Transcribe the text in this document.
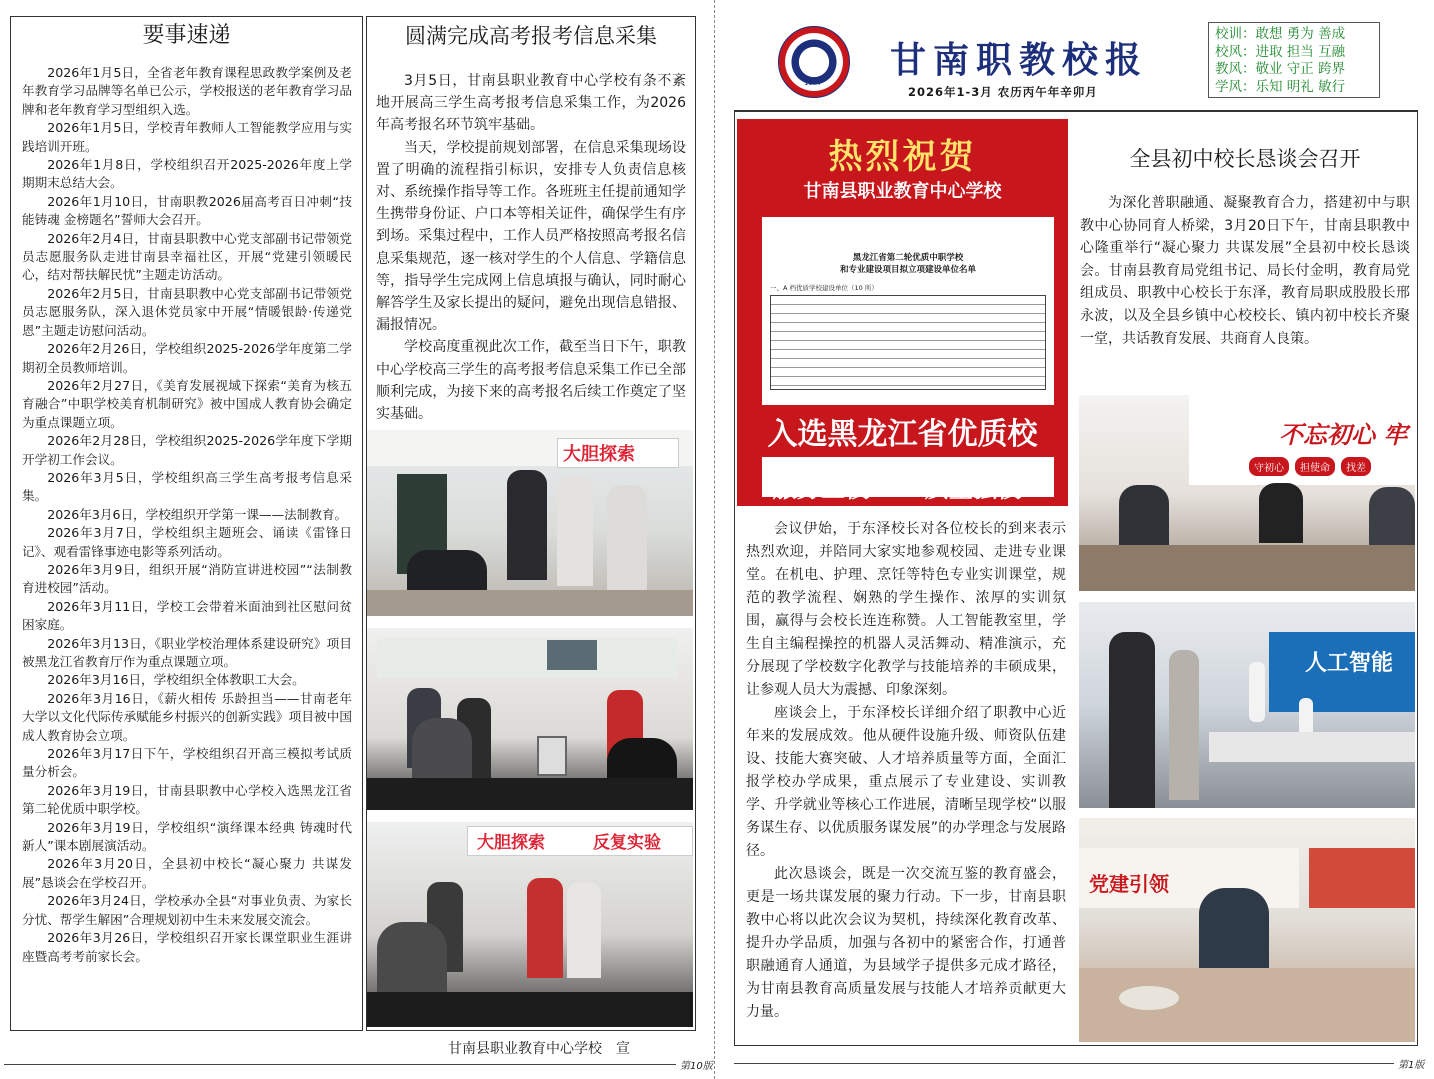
要事速递

2026年1月5日，全省老年教育课程思政教学案例及老年教育学习品牌等名单已公示，学校报送的老年教育学习品牌和老年教育学习型组织入选。

2026年1月5日，学校青年教师人工智能教学应用与实践培训开班。

2026年1月8日，学校组织召开2025-2026年度上学期期末总结大会。

2026年1月10日，甘南职教2026届高考百日冲刺“技能铸魂 金榜题名”誓师大会召开。

2026年2月4日，甘南县职教中心党支部副书记带领党员志愿服务队走进甘南县幸福社区，开展“党建引领暖民心，结对帮扶解民忧”主题走访活动。

2026年2月5日，甘南县职教中心党支部副书记带领党员志愿服务队，深入退休党员家中开展“情暖银龄·传递党恩”主题走访慰问活动。

2026年2月26日，学校组织2025-2026学年度第二学期初全员教师培训。

2026年2月27日，《美育发展视域下探索“美育为核五育融合”中职学校美育机制研究》被中国成人教育协会确定为重点课题立项。

2026年2月28日，学校组织2025-2026学年度下学期开学初工作会议。

2026年3月5日，学校组织高三学生高考报考信息采集。

2026年3月6日，学校组织开学第一课——法制教育。

2026年3月7日，学校组织主题班会、诵读《雷锋日记》、观看雷锋事迹电影等系列活动。

2026年3月9日，组织开展“消防宣讲进校园”“法制教育进校园”活动。

2026年3月11日，学校工会带着米面油到社区慰问贫困家庭。

2026年3月13日，《职业学校治理体系建设研究》项目被黑龙江省教育厅作为重点课题立项。

2026年3月16日，学校组织全体教职工大会。

2026年3月16日，《薪火相传 乐龄担当——甘南老年大学以文化代际传承赋能乡村振兴的创新实践》项目被中国成人教育协会立项。

2026年3月17日下午，学校组织召开高三模拟考试质量分析会。

2026年3月19日，甘南县职教中心学校入选黑龙江省第二轮优质中职学校。

2026年3月19日，学校组织“演绎课本经典 铸魂时代新人”课本剧展演活动。

2026年3月20日，全县初中校长“凝心聚力 共谋发展”恳谈会在学校召开。

2026年3月24日，学校承办全县“对事业负责、为家长分忧、帮学生解困”合理规划初中生未来发展交流会。

2026年3月26日，学校组织召开家长课堂职业生涯讲座暨高考考前家长会。

圆满完成高考报考信息采集

3月5日，甘南县职业教育中心学校有条不紊地开展高三学生高考报考信息采集工作，为2026年高考报名环节筑牢基础。

当天，学校提前规划部署，在信息采集现场设置了明确的流程指引标识，安排专人负责信息核对、系统操作指导等工作。各班班主任提前通知学生携带身份证、户口本等相关证件，确保学生有序到场。采集过程中，工作人员严格按照高考报名信息采集规范，逐一核对学生的个人信息、学籍信息等，指导学生完成网上信息填报与确认，同时耐心解答学生及家长提出的疑问，避免出现信息错报、漏报情况。

学校高度重视此次工作，截至当日下午，职教中心学校高三学生的高考报考信息采集工作已全部顺利完成，为接下来的高考报名后续工作奠定了坚实基础。

大胆探索
大胆探索	反复实验
甘南县职业教育中心学校　宣
第10版
1977
甘南职教校报
2026年1-3月 农历丙午年辛卯月
校训：敢想 勇为 善成
校风：进取 担当 互融
教风：敬业 守正 跨界
学风：乐知 明礼 敏行
热烈祝贺
甘南县职业教育中心学校
黑龙江省第二轮优质中职学校
和专业建设项目拟立项建设单位名单
一、A 档优质学校建设单位（10 所）
入选黑龙江省优质校
服务立校 质量强校
全县初中校长恳谈会召开

为深化普职融通、凝聚教育合力，搭建初中与职教中心协同育人桥梁，3月20日下午，甘南县职教中心隆重举行“凝心聚力 共谋发展”全县初中校长恳谈会。甘南县教育局党组书记、局长付金明，教育局党组成员、职教中心校长于东泽，教育局职成股股长邢永波，以及全县乡镇中心校校长、镇内初中校长齐聚一堂，共话教育发展、共商育人良策。

会议伊始，于东泽校长对各位校长的到来表示热烈欢迎，并陪同大家实地参观校园、走进专业课堂。在机电、护理、烹饪等特色专业实训课堂，规范的教学流程、娴熟的学生操作、浓厚的实训氛围，赢得与会校长连连称赞。人工智能教室里，学生自主编程操控的机器人灵活舞动、精准演示，充分展现了学校数字化教学与技能培养的丰硕成果，让参观人员大为震撼、印象深刻。

座谈会上，于东泽校长详细介绍了职教中心近年来的发展成效。他从硬件设施升级、师资队伍建设、技能大赛突破、人才培养质量等方面，全面汇报学校办学成果，重点展示了专业建设、实训教学、升学就业等核心工作进展，清晰呈现学校“以服务谋生存、以优质服务谋发展”的办学理念与发展路径。

此次恳谈会，既是一次交流互鉴的教育盛会，更是一场共谋发展的聚力行动。下一步，甘南县职教中心将以此次会议为契机，持续深化教育改革、提升办学品质，加强与各初中的紧密合作，打通普职融通育人通道，为县域学子提供多元成才路径，为甘南县教育高质量发展与技能人才培养贡献更大力量。

不忘初心 牢
守初心	担使命	找差
人工智能
党建引领
第1版
